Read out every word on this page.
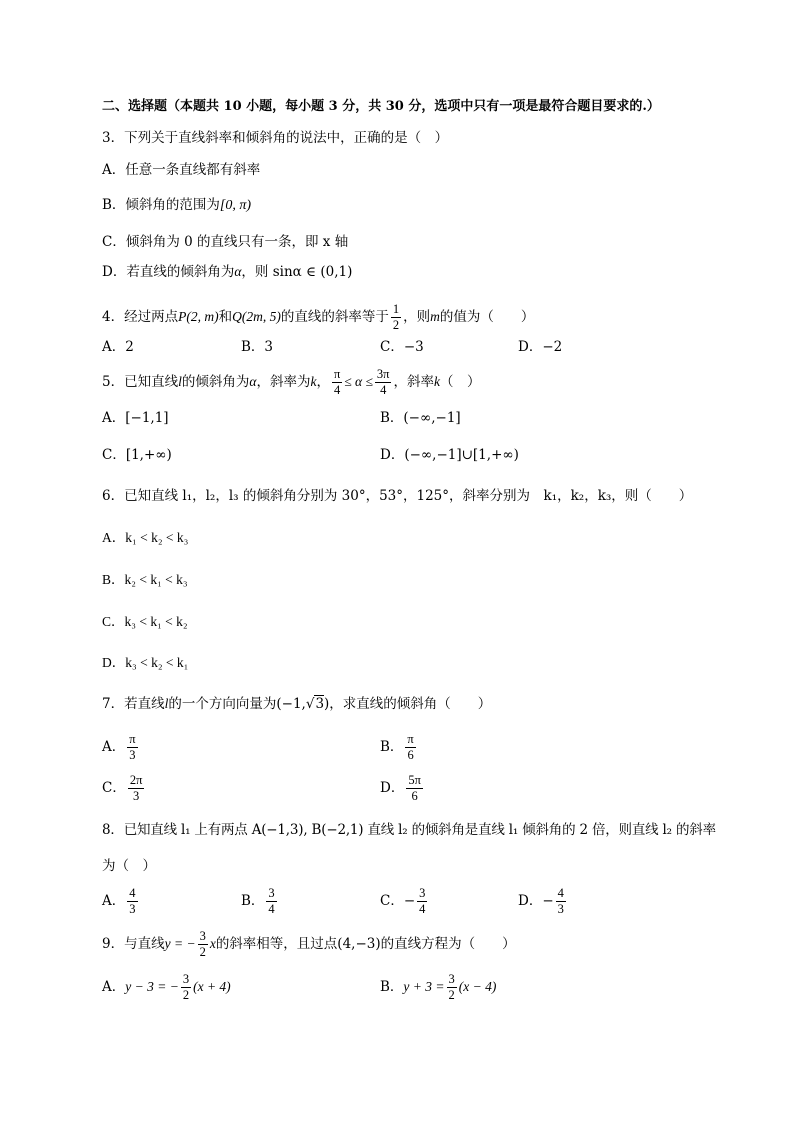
二、选择题（本题共 10 小题，每小题 3 分，共 30 分，选项中只有一项是最符合题目要求的.）
3．下列关于直线斜率和倾斜角的说法中，正确的是（　）
A．任意一条直线都有斜率
B．倾斜角的范围为[0, π)
C．倾斜角为 0 的直线只有一条，即 x 轴
D．若直线的倾斜角为α，则 sinα ∈ (0,1)
4．经过两点P(2, m)和Q(2m, 5)的直线的斜率等于 $\frac{1}{2}$ ，则m的值为（　　）
A．2	B．3	C．−3	D．−2
5．已知直线l的倾斜角为α，斜率为k， $\frac{\pi}{4} \le \alpha \le \frac{3\pi}{4}$ ，斜率k（　）
A．[−1,1]	B．(−∞,−1]
C．[1,+∞)	D．(−∞,−1]∪[1,+∞)
6．已知直线 l₁，l₂，l₃ 的倾斜角分别为 30°，53°，125°，斜率分别为　k₁，k₂，k₃，则（　　）
A．k₁ < k₂ < k₃
B．k₂ < k₁ < k₃
C．k₃ < k₁ < k₂
D．k₃ < k₂ < k₁
7．若直线l的一个方向向量为(−1,√3)，求直线的倾斜角（　　）
A． $\frac{\pi}{3}$	B． $\frac{\pi}{6}$
C． $\frac{2\pi}{3}$	D． $\frac{5\pi}{6}$
8．已知直线 l₁ 上有两点 A(−1,3), B(−2,1) 直线 l₂ 的倾斜角是直线 l₁ 倾斜角的 2 倍，则直线 l₂ 的斜率
为（　）
A． $\frac{4}{3}$	B． $\frac{3}{4}$	C．− $\frac{3}{4}$	D．− $\frac{4}{3}$
9．与直线y = − $\frac{3}{2}$ x的斜率相等，且过点(4,−3)的直线方程为（　　）
A．y − 3 = − $\frac{3}{2} (x + 4)$	B．$y + 3 = \frac{3}{2} (x - 4)$
